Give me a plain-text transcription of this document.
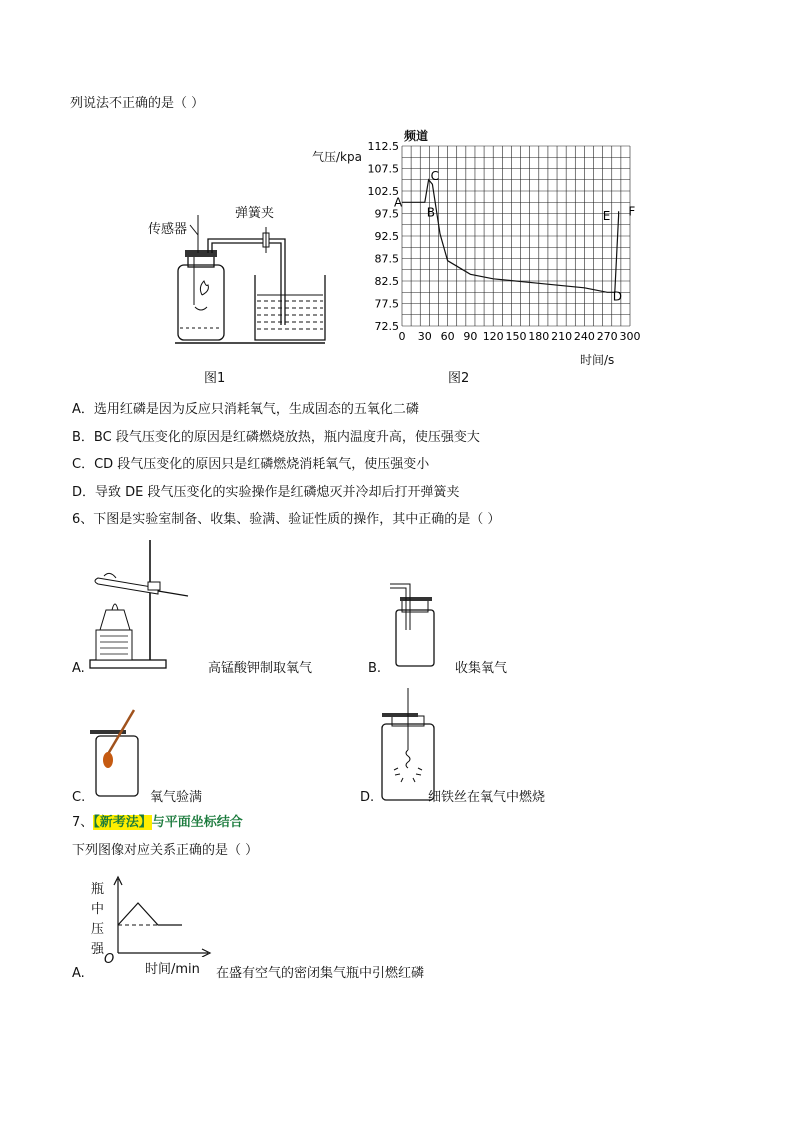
列说法不正确的是（ ）
传感器
弹簧夹
图1
频道
气压/kpa
时间/s
图2
112.5
107.5
102.5
97.5
92.5
87.5
82.5
77.5
72.5
0 30 60 90 120 150 180 210 240 270 300
A
B
C
D
E F
A．选用红磷是因为反应只消耗氧气，生成固态的五氧化二磷
B．BC 段气压变化的原因是红磷燃烧放热，瓶内温度升高，使压强变大
C．CD 段气压变化的原因只是红磷燃烧消耗氧气，使压强变小
D．导致 DE 段气压变化的实验操作是红磷熄灭并冷却后打开弹簧夹
6、下图是实验室制备、收集、验满、验证性质的操作，其中正确的是（ ）
A.	高锰酸钾制取氧气	B.	收集氧气
C.	氧气验满	D.	细铁丝在氧气中燃烧
7、【新考法】与平面坐标结合
下列图像对应关系正确的是（ ）
瓶
中
压
强
O
时间/min
A.	在盛有空气的密闭集气瓶中引燃红磷
